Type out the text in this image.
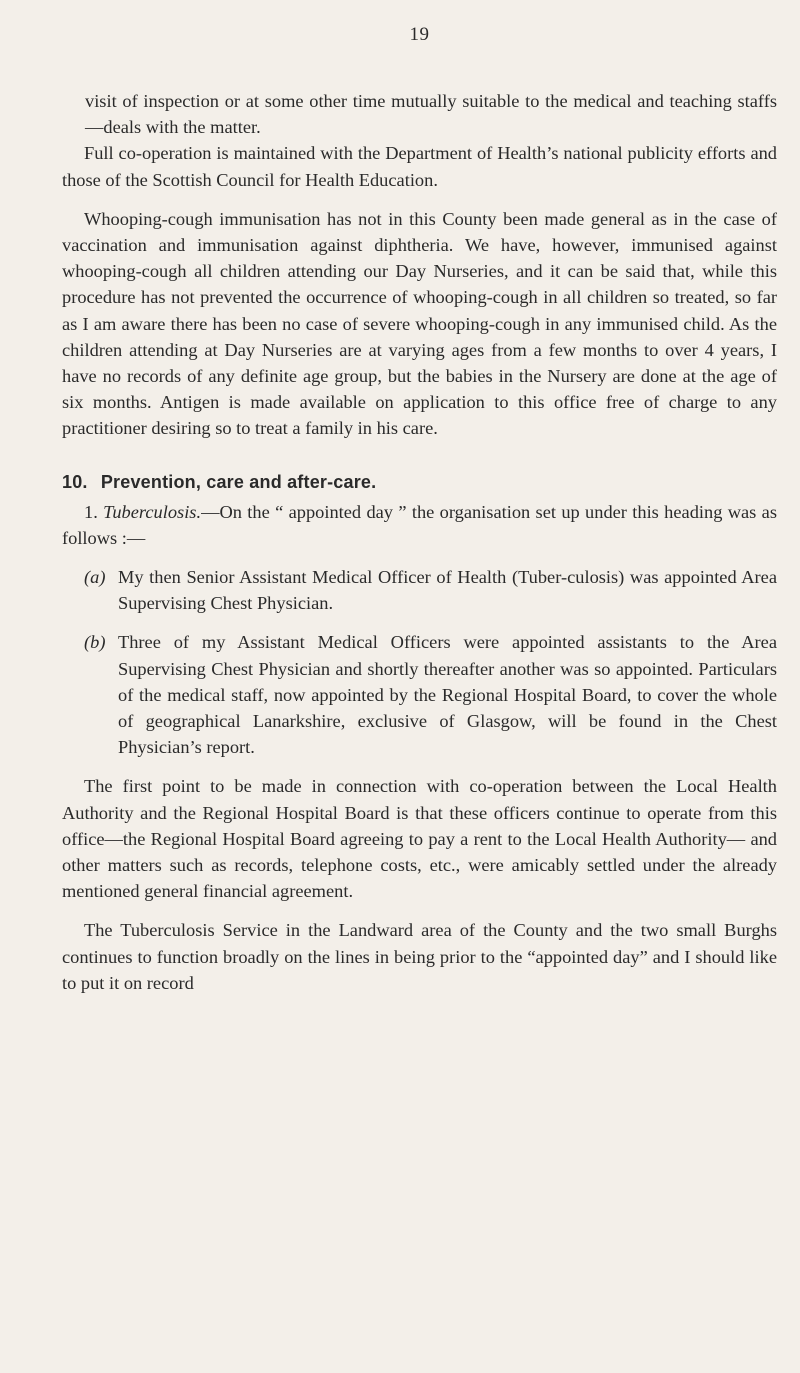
19

visit of inspection or at some other time mutually suitable to the medical and teaching staffs—deals with the matter.

Full co-operation is maintained with the Department of Health’s national publicity efforts and those of the Scottish Council for Health Education.

Whooping-cough immunisation has not in this County been made general as in the case of vaccination and immunisation against diphtheria. We have, however, immunised against whooping-cough all children attending our Day Nurseries, and it can be said that, while this procedure has not prevented the occurrence of whooping-cough in all children so treated, so far as I am aware there has been no case of severe whooping-cough in any immunised child. As the children attending at Day Nurseries are at varying ages from a few months to over 4 years, I have no records of any definite age group, but the babies in the Nursery are done at the age of six months. Antigen is made available on application to this office free of charge to any practitioner desiring so to treat a family in his care.

10. Prevention, care and after-care.

1. Tuberculosis.—On the “ appointed day ” the organisation set up under this heading was as follows :—

(a) My then Senior Assistant Medical Officer of Health (Tuber-culosis) was appointed Area Supervising Chest Physician.

(b) Three of my Assistant Medical Officers were appointed assistants to the Area Supervising Chest Physician and shortly thereafter another was so appointed. Particulars of the medical staff, now appointed by the Regional Hospital Board, to cover the whole of geographical Lanarkshire, exclusive of Glasgow, will be found in the Chest Physician’s report.

The first point to be made in connection with co-operation between the Local Health Authority and the Regional Hospital Board is that these officers continue to operate from this office—the Regional Hospital Board agreeing to pay a rent to the Local Health Authority— and other matters such as records, telephone costs, etc., were amicably settled under the already mentioned general financial agreement.

The Tuberculosis Service in the Landward area of the County and the two small Burghs continues to function broadly on the lines in being prior to the “appointed day” and I should like to put it on record
